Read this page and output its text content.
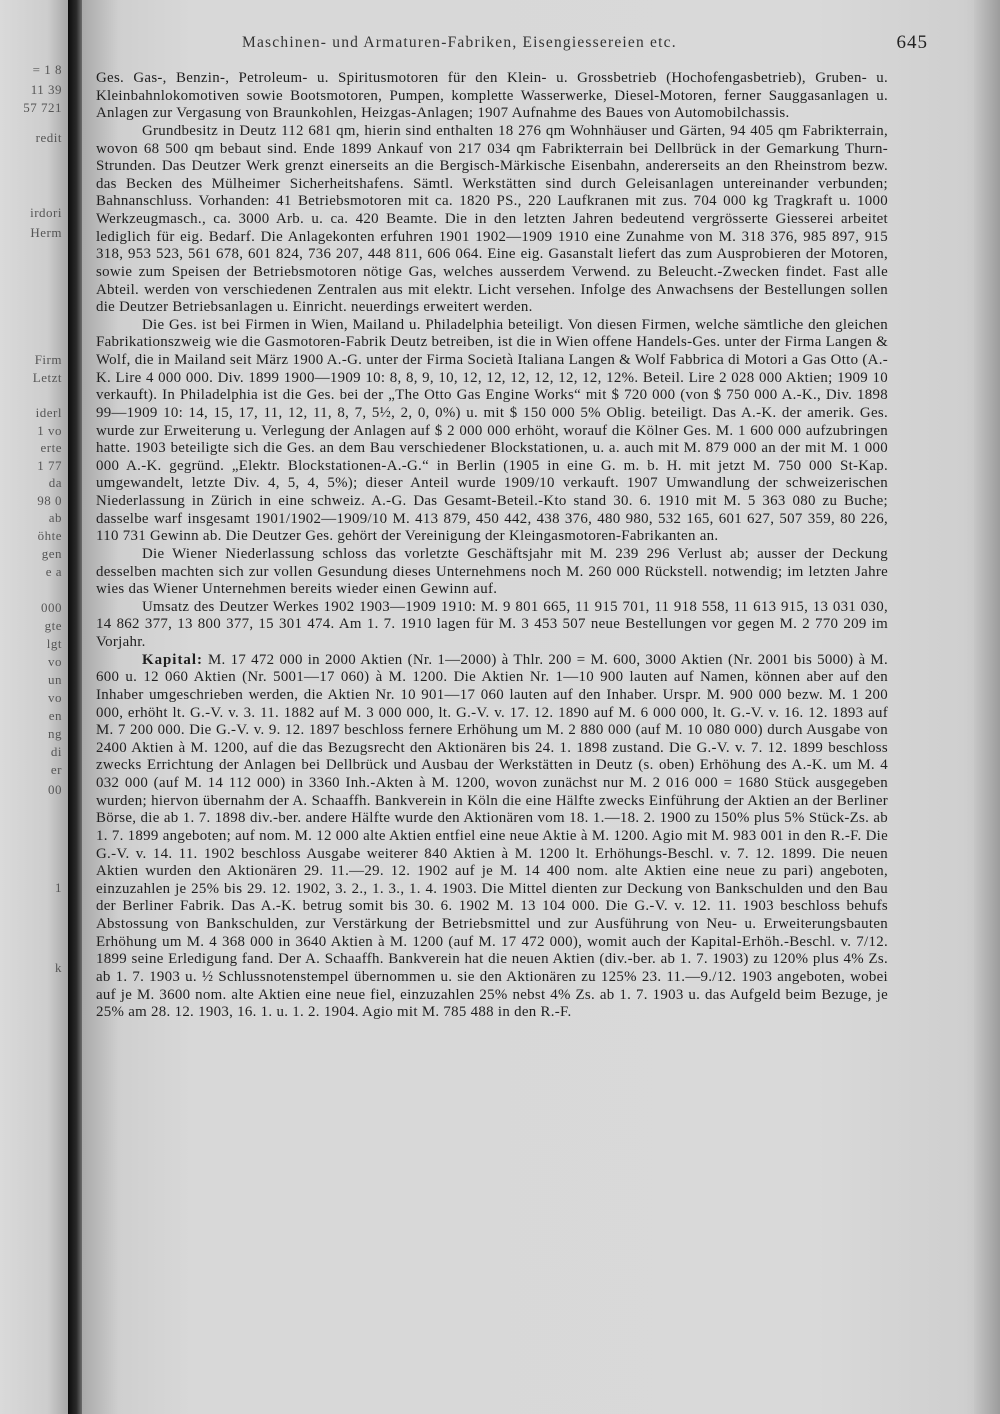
= 1 8
11 39
57 721
redit
irdori
Herm
Firm
Letzt
iderl
1 vo
erte
1 77
da
98 0
ab
öhte
gen
e a
000
gte
lgt
vo
un
vo
en
ng
di
er
00
1
k
Maschinen- und Armaturen-Fabriken, Eisengiessereien etc.	645

Ges. Gas-, Benzin-, Petroleum- u. Spiritusmotoren für den Klein- u. Grossbetrieb (Hochofengasbetrieb), Gruben- u. Kleinbahnlokomotiven sowie Bootsmotoren, Pumpen, komplette Wasserwerke, Diesel-Motoren, ferner Sauggasanlagen u. Anlagen zur Vergasung von Braunkohlen, Heizgas-Anlagen; 1907 Aufnahme des Baues von Automobilchassis.

Grundbesitz in Deutz 112 681 qm, hierin sind enthalten 18 276 qm Wohnhäuser und Gärten, 94 405 qm Fabrikterrain, wovon 68 500 qm bebaut sind. Ende 1899 Ankauf von 217 034 qm Fabrikterrain bei Dellbrück in der Gemarkung Thurn-Strunden. Das Deutzer Werk grenzt einerseits an die Bergisch-Märkische Eisenbahn, andererseits an den Rheinstrom bezw. das Becken des Mülheimer Sicherheitshafens. Sämtl. Werkstätten sind durch Geleisanlagen untereinander verbunden; Bahnanschluss. Vorhanden: 41 Betriebsmotoren mit ca. 1820 PS., 220 Laufkranen mit zus. 704 000 kg Tragkraft u. 1000 Werkzeugmasch., ca. 3000 Arb. u. ca. 420 Beamte. Die in den letzten Jahren bedeutend vergrösserte Giesserei arbeitet lediglich für eig. Bedarf. Die Anlagekonten erfuhren 1901 1902—1909 1910 eine Zunahme von M. 318 376, 985 897, 915 318, 953 523, 561 678, 601 824, 736 207, 448 811, 606 064. Eine eig. Gasanstalt liefert das zum Ausprobieren der Motoren, sowie zum Speisen der Betriebsmotoren nötige Gas, welches ausserdem Verwend. zu Beleucht.-Zwecken findet. Fast alle Abteil. werden von verschiedenen Zentralen aus mit elektr. Licht versehen. Infolge des Anwachsens der Bestellungen sollen die Deutzer Betriebsanlagen u. Einricht. neuerdings erweitert werden.

Die Ges. ist bei Firmen in Wien, Mailand u. Philadelphia beteiligt. Von diesen Firmen, welche sämtliche den gleichen Fabrikationszweig wie die Gasmotoren-Fabrik Deutz betreiben, ist die in Wien offene Handels-Ges. unter der Firma Langen & Wolf, die in Mailand seit März 1900 A.-G. unter der Firma Società Italiana Langen & Wolf Fabbrica di Motori a Gas Otto (A.-K. Lire 4 000 000. Div. 1899 1900—1909 10: 8, 8, 9, 10, 12, 12, 12, 12, 12, 12, 12%. Beteil. Lire 2 028 000 Aktien; 1909 10 verkauft). In Philadelphia ist die Ges. bei der „The Otto Gas Engine Works“ mit $ 720 000 (von $ 750 000 A.-K., Div. 1898 99—1909 10: 14, 15, 17, 11, 12, 11, 8, 7, 5½, 2, 0, 0%) u. mit $ 150 000 5% Oblig. beteiligt. Das A.-K. der amerik. Ges. wurde zur Erweiterung u. Verlegung der Anlagen auf $ 2 000 000 erhöht, worauf die Kölner Ges. M. 1 600 000 aufzubringen hatte. 1903 beteiligte sich die Ges. an dem Bau verschiedener Blockstationen, u. a. auch mit M. 879 000 an der mit M. 1 000 000 A.-K. gegründ. „Elektr. Blockstationen-A.-G.“ in Berlin (1905 in eine G. m. b. H. mit jetzt M. 750 000 St-Kap. umgewandelt, letzte Div. 4, 5, 4, 5%); dieser Anteil wurde 1909/10 verkauft. 1907 Umwandlung der schweizerischen Niederlassung in Zürich in eine schweiz. A.-G. Das Gesamt-Beteil.-Kto stand 30. 6. 1910 mit M. 5 363 080 zu Buche; dasselbe warf insgesamt 1901/1902—1909/10 M. 413 879, 450 442, 438 376, 480 980, 532 165, 601 627, 507 359, 80 226, 110 731 Gewinn ab. Die Deutzer Ges. gehört der Vereinigung der Kleingasmotoren-Fabrikanten an.

Die Wiener Niederlassung schloss das vorletzte Geschäftsjahr mit M. 239 296 Verlust ab; ausser der Deckung desselben machten sich zur vollen Gesundung dieses Unternehmens noch M. 260 000 Rückstell. notwendig; im letzten Jahre wies das Wiener Unternehmen bereits wieder einen Gewinn auf.

Umsatz des Deutzer Werkes 1902 1903—1909 1910: M. 9 801 665, 11 915 701, 11 918 558, 11 613 915, 13 031 030, 14 862 377, 13 800 377, 15 301 474. Am 1. 7. 1910 lagen für M. 3 453 507 neue Bestellungen vor gegen M. 2 770 209 im Vorjahr.

Kapital: M. 17 472 000 in 2000 Aktien (Nr. 1—2000) à Thlr. 200 = M. 600, 3000 Aktien (Nr. 2001 bis 5000) à M. 600 u. 12 060 Aktien (Nr. 5001—17 060) à M. 1200. Die Aktien Nr. 1—10 900 lauten auf Namen, können aber auf den Inhaber umgeschrieben werden, die Aktien Nr. 10 901—17 060 lauten auf den Inhaber. Urspr. M. 900 000 bezw. M. 1 200 000, erhöht lt. G.-V. v. 3. 11. 1882 auf M. 3 000 000, lt. G.-V. v. 17. 12. 1890 auf M. 6 000 000, lt. G.-V. v. 16. 12. 1893 auf M. 7 200 000. Die G.-V. v. 9. 12. 1897 beschloss fernere Erhöhung um M. 2 880 000 (auf M. 10 080 000) durch Ausgabe von 2400 Aktien à M. 1200, auf die das Bezugsrecht den Aktionären bis 24. 1. 1898 zustand. Die G.-V. v. 7. 12. 1899 beschloss zwecks Errichtung der Anlagen bei Dellbrück und Ausbau der Werkstätten in Deutz (s. oben) Erhöhung des A.-K. um M. 4 032 000 (auf M. 14 112 000) in 3360 Inh.-Akten à M. 1200, wovon zunächst nur M. 2 016 000 = 1680 Stück ausgegeben wurden; hiervon übernahm der A. Schaaffh. Bankverein in Köln die eine Hälfte zwecks Einführung der Aktien an der Berliner Börse, die ab 1. 7. 1898 div.-ber. andere Hälfte wurde den Aktionären vom 18. 1.—18. 2. 1900 zu 150% plus 5% Stück-Zs. ab 1. 7. 1899 angeboten; auf nom. M. 12 000 alte Aktien entfiel eine neue Aktie à M. 1200. Agio mit M. 983 001 in den R.-F. Die G.-V. v. 14. 11. 1902 beschloss Ausgabe weiterer 840 Aktien à M. 1200 lt. Erhöhungs-Beschl. v. 7. 12. 1899. Die neuen Aktien wurden den Aktionären 29. 11.—29. 12. 1902 auf je M. 14 400 nom. alte Aktien eine neue zu pari) angeboten, einzuzahlen je 25% bis 29. 12. 1902, 3. 2., 1. 3., 1. 4. 1903. Die Mittel dienten zur Deckung von Bankschulden und den Bau der Berliner Fabrik. Das A.-K. betrug somit bis 30. 6. 1902 M. 13 104 000. Die G.-V. v. 12. 11. 1903 beschloss behufs Abstossung von Bankschulden, zur Verstärkung der Betriebsmittel und zur Ausführung von Neu- u. Erweiterungsbauten Erhöhung um M. 4 368 000 in 3640 Aktien à M. 1200 (auf M. 17 472 000), womit auch der Kapital-Erhöh.-Beschl. v. 7/12. 1899 seine Erledigung fand. Der A. Schaaffh. Bankverein hat die neuen Aktien (div.-ber. ab 1. 7. 1903) zu 120% plus 4% Zs. ab 1. 7. 1903 u. ½ Schlussnotenstempel übernommen u. sie den Aktionären zu 125% 23. 11.—9./12. 1903 angeboten, wobei auf je M. 3600 nom. alte Aktien eine neue fiel, einzuzahlen 25% nebst 4% Zs. ab 1. 7. 1903 u. das Aufgeld beim Bezuge, je 25% am 28. 12. 1903, 16. 1. u. 1. 2. 1904. Agio mit M. 785 488 in den R.-F.
